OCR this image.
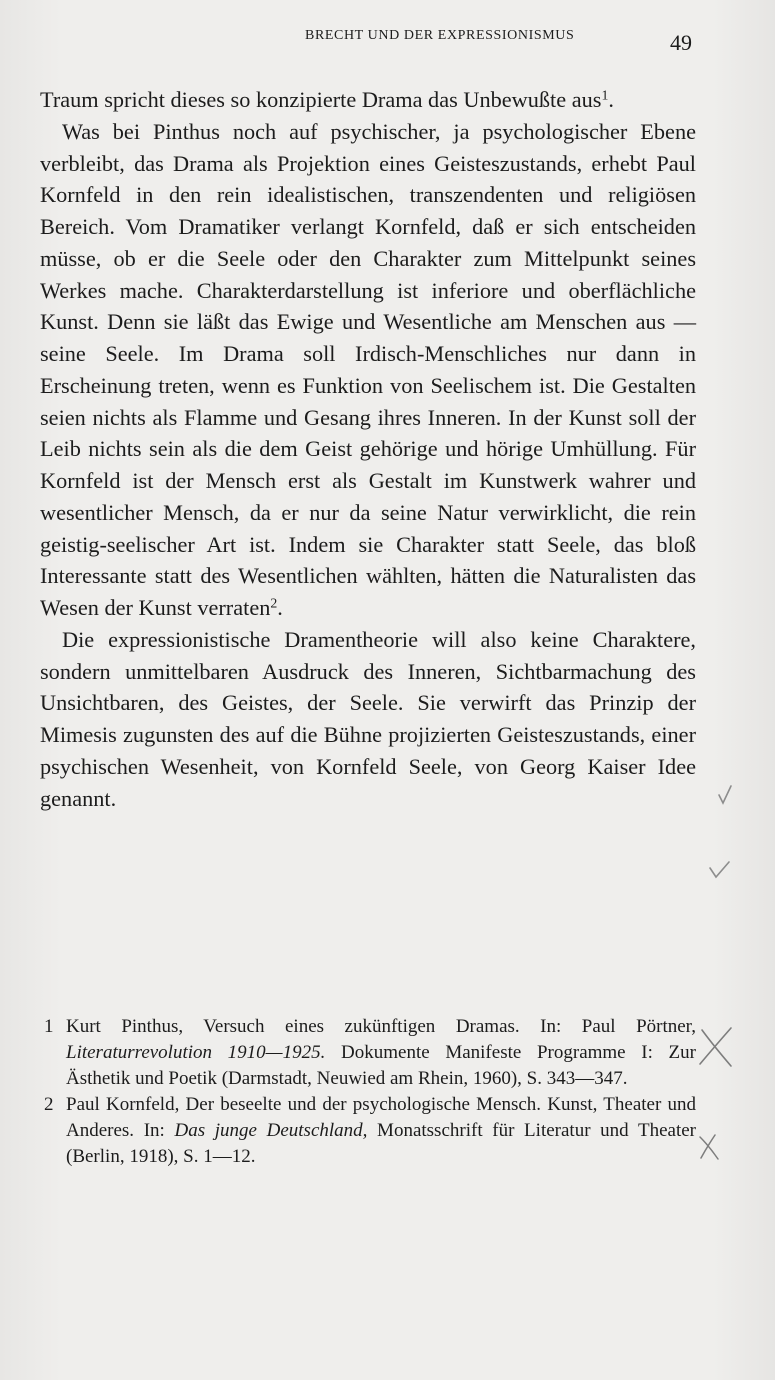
BRECHT UND DER EXPRESSIONISMUS	49

Traum spricht dieses so konzipierte Drama das Unbewußte aus$^1$.

Was bei Pinthus noch auf psychischer, ja psychologischer Ebene verbleibt, das Drama als Projektion eines Geisteszustands, erhebt Paul Kornfeld in den rein idealistischen, transzendenten und religiösen Bereich. Vom Dramatiker verlangt Kornfeld, daß er sich entscheiden müsse, ob er die Seele oder den Charakter zum Mittelpunkt seines Werkes mache. Charakterdarstellung ist inferiore und oberflächliche Kunst. Denn sie läßt das Ewige und Wesentliche am Menschen aus — seine Seele. Im Drama soll Irdisch-Menschliches nur dann in Erscheinung treten, wenn es Funktion von Seelischem ist. Die Gestalten seien nichts als Flamme und Gesang ihres Inneren. In der Kunst soll der Leib nichts sein als die dem Geist gehörige und hörige Umhüllung. Für Kornfeld ist der Mensch erst als Gestalt im Kunstwerk wahrer und wesentlicher Mensch, da er nur da seine Natur verwirklicht, die rein geistig-seelischer Art ist. Indem sie Charakter statt Seele, das bloß Interessante statt des Wesentlichen wählten, hätten die Naturalisten das Wesen der Kunst verraten$^2$.

Die expressionistische Dramentheorie will also keine Charaktere, sondern unmittelbaren Ausdruck des Inneren, Sichtbarmachung des Unsichtbaren, des Geistes, der Seele. Sie verwirft das Prinzip der Mimesis zugunsten des auf die Bühne projizierten Geisteszustands, einer psychischen Wesenheit, von Kornfeld Seele, von Georg Kaiser Idee genannt.

1 Kurt Pinthus, Versuch eines zukünftigen Dramas. In: Paul Pörtner, Literaturrevolution 1910—1925. Dokumente Manifeste Programme I: Zur Ästhetik und Poetik (Darmstadt, Neuwied am Rhein, 1960), S. 343—347.
2 Paul Kornfeld, Der beseelte und der psychologische Mensch. Kunst, Theater und Anderes. In: Das junge Deutschland, Monatsschrift für Literatur und Theater (Berlin, 1918), S. 1—12.
